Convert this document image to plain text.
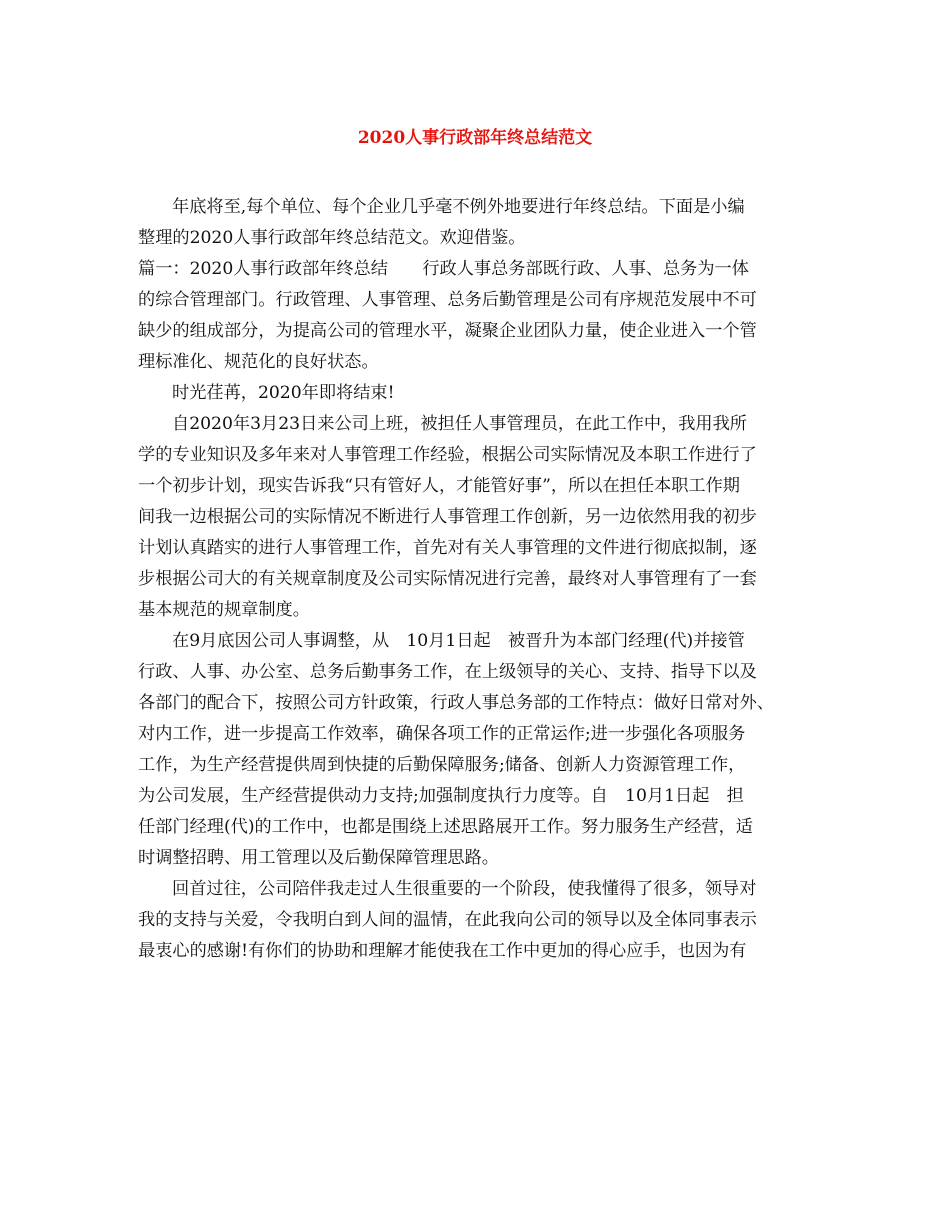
2020人事行政部年终总结范文
年底将至,每个单位、每个企业几乎毫不例外地要进行年终总结。下面是小编
整理的2020人事行政部年终总结范文。欢迎借鉴。
篇一：2020人事行政部年终总结　　行政人事总务部既行政、人事、总务为一体
的综合管理部门。行政管理、人事管理、总务后勤管理是公司有序规范发展中不可
缺少的组成部分，为提高公司的管理水平，凝聚企业团队力量，使企业进入一个管
理标准化、规范化的良好状态。
时光荏苒，2020年即将结束!
自2020年3月23日来公司上班，被担任人事管理员，在此工作中，我用我所
学的专业知识及多年来对人事管理工作经验，根据公司实际情况及本职工作进行了
一个初步计划，现实告诉我“只有管好人，才能管好事”，所以在担任本职工作期
间我一边根据公司的实际情况不断进行人事管理工作创新，另一边依然用我的初步
计划认真踏实的进行人事管理工作，首先对有关人事管理的文件进行彻底拟制，逐
步根据公司大的有关规章制度及公司实际情况进行完善，最终对人事管理有了一套
基本规范的规章制度。
在9月底因公司人事调整，从　10月1日起　被晋升为本部门经理(代)并接管
行政、人事、办公室、总务后勤事务工作，在上级领导的关心、支持、指导下以及
各部门的配合下，按照公司方针政策，行政人事总务部的工作特点：做好日常对外、
对内工作，进一步提高工作效率，确保各项工作的正常运作;进一步强化各项服务
工作，为生产经营提供周到快捷的后勤保障服务;储备、创新人力资源管理工作，
为公司发展，生产经营提供动力支持;加强制度执行力度等。自　10月1日起　担
任部门经理(代)的工作中，也都是围绕上述思路展开工作。努力服务生产经营，适
时调整招聘、用工管理以及后勤保障管理思路。
回首过往，公司陪伴我走过人生很重要的一个阶段，使我懂得了很多，领导对
我的支持与关爱，令我明白到人间的温情，在此我向公司的领导以及全体同事表示
最衷心的感谢!有你们的协助和理解才能使我在工作中更加的得心应手，也因为有
